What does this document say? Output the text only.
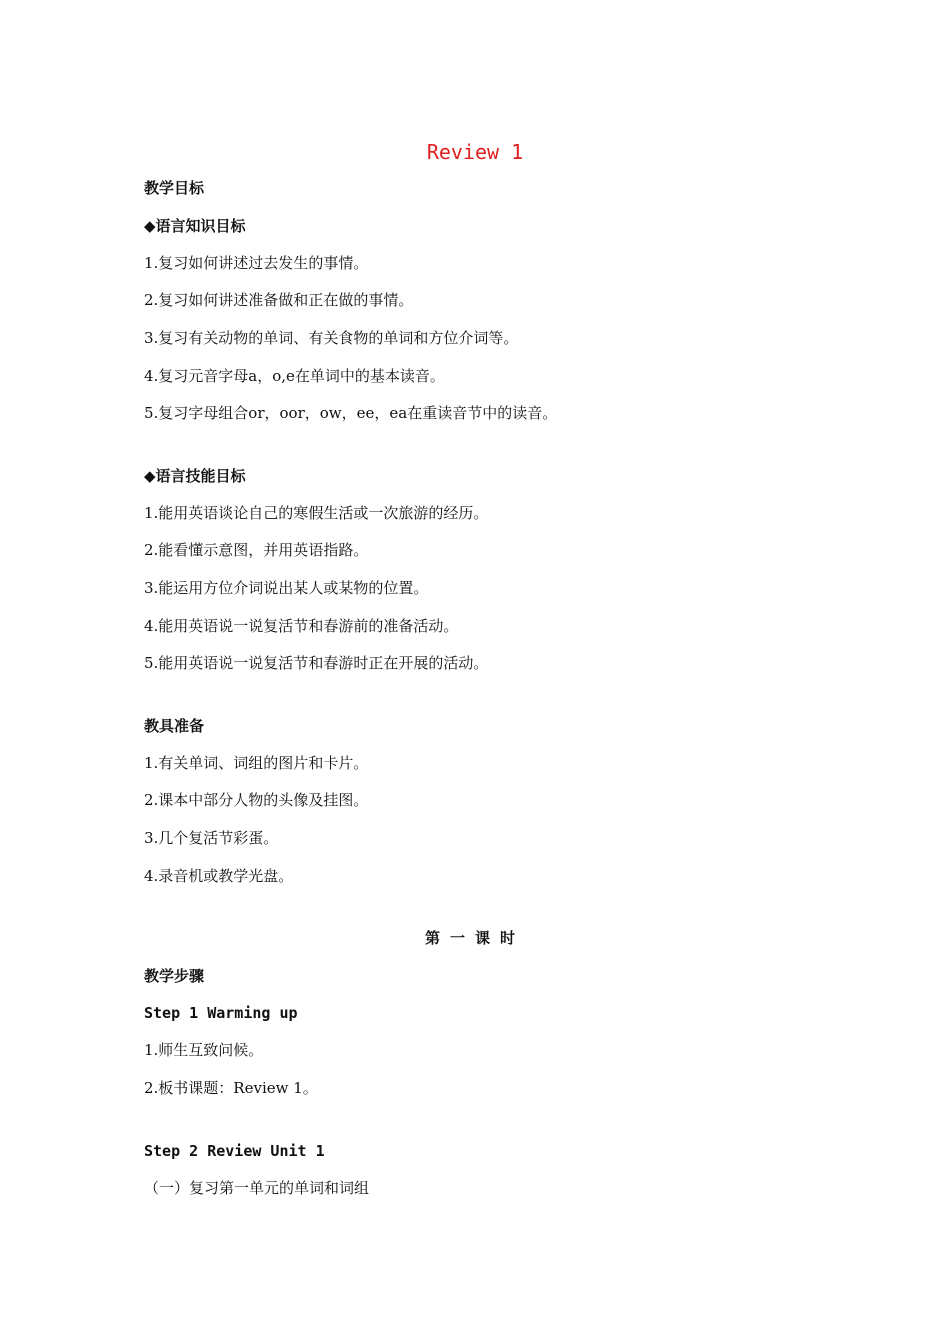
Review 1
教学目标
◆语言知识目标
1.复习如何讲述过去发生的事情。
2.复习如何讲述准备做和正在做的事情。
3.复习有关动物的单词、有关食物的单词和方位介词等。
4.复习元音字母a，o,e在单词中的基本读音。
5.复习字母组合or，oor，ow，ee，ea在重读音节中的读音。
◆语言技能目标
1.能用英语谈论自己的寒假生活或一次旅游的经历。
2.能看懂示意图，并用英语指路。
3.能运用方位介词说出某人或某物的位置。
4.能用英语说一说复活节和春游前的准备活动。
5.能用英语说一说复活节和春游时正在开展的活动。
教具准备
1.有关单词、词组的图片和卡片。
2.课本中部分人物的头像及挂图。
3.几个复活节彩蛋。
4.录音机或教学光盘。
第一课时
教学步骤
Step 1 Warming up
1.师生互致问候。
2.板书课题：Review 1。
Step 2 Review Unit 1
（一）复习第一单元的单词和词组
